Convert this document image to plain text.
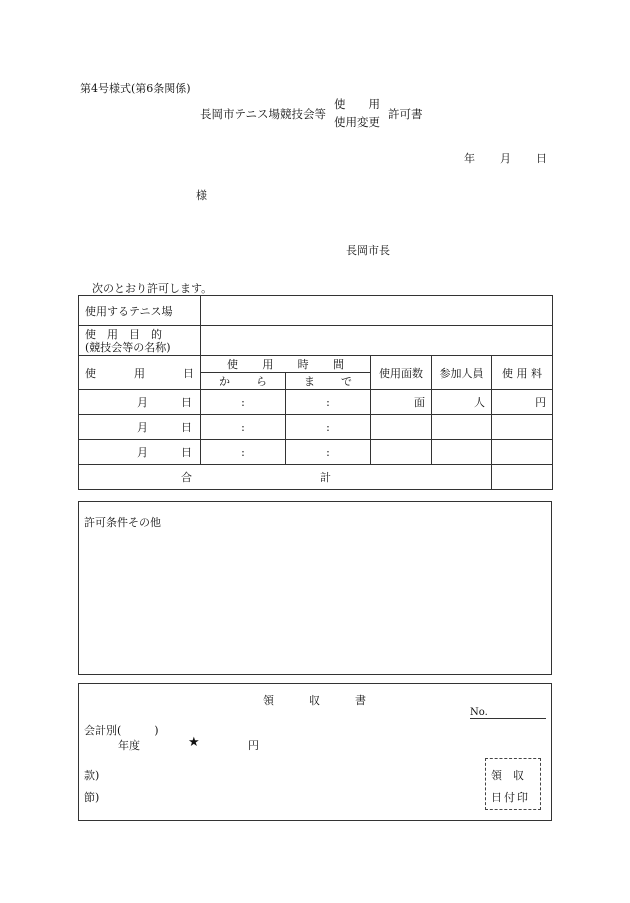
第4号様式(第6条関係)
長岡市テニス場競技会等
使　　用
使用変更
許可書
年 月 日
様
長岡市長
次のとおり許可します。
使用するテニス場					

使　用　目　的
(競技会等の名称)					

使 用 日	使 用 時 間		使用面数	参加人員	使 用 料

	か ら	ま で			

月 日	:	:	面	人	円

月 日	:	:			

月 日	:	:			

合 計					

許可条件その他
領	収	書
No.
会計別(　　　)
年度	★	円
款)
節)
領　収
日付印
